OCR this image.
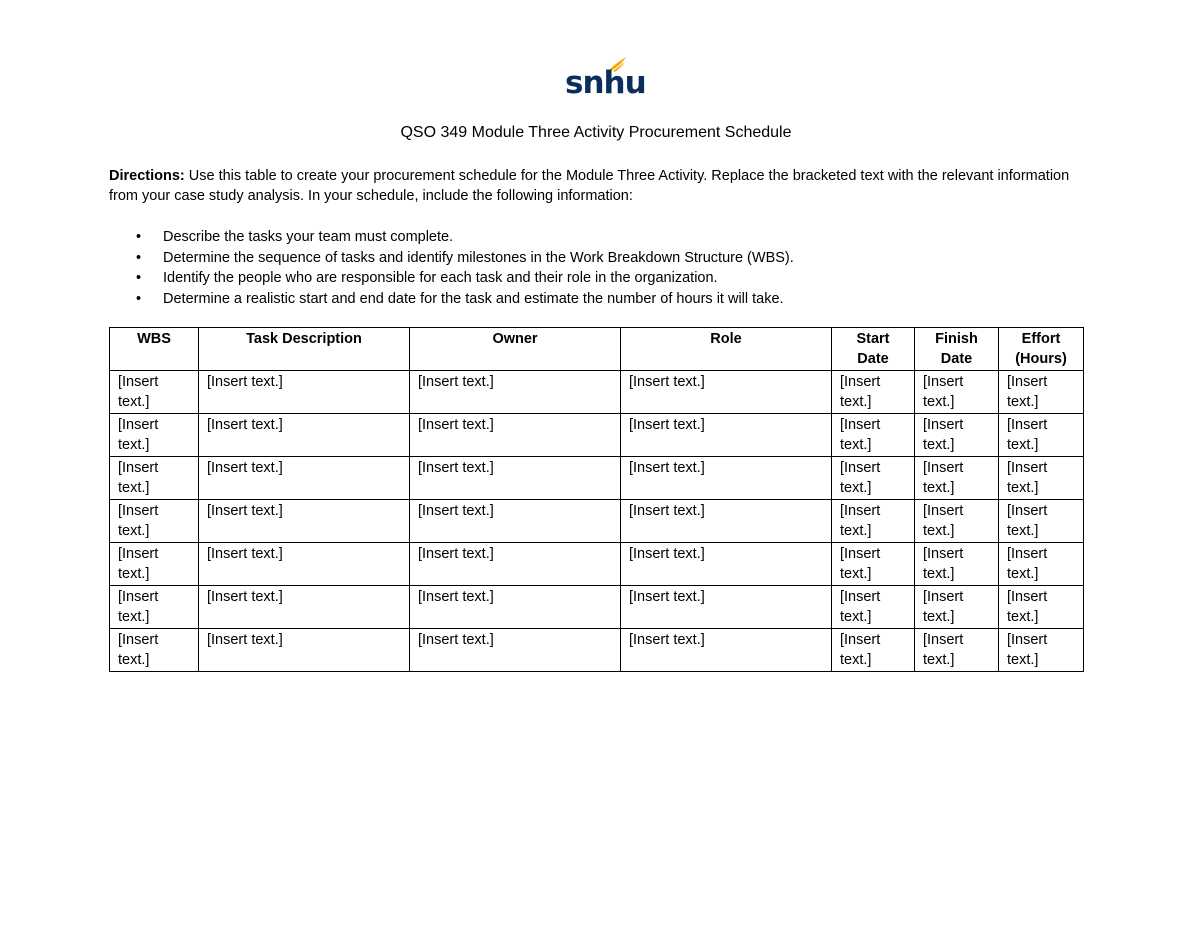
snhu
QSO 349 Module Three Activity Procurement Schedule
Directions: Use this table to create your procurement schedule for the Module Three Activity. Replace the bracketed text with the relevant information from your case study analysis. In your schedule, include the following information:
• Describe the tasks your team must complete.
• Determine the sequence of tasks and identify milestones in the Work Breakdown Structure (WBS).
• Identify the people who are responsible for each task and their role in the organization.
• Determine a realistic start and end date for the task and estimate the number of hours it will take.
WBS	Task Description	Owner	Role	Start Date	Finish Date	Effort (Hours)
[Insert text.]	[Insert text.]	[Insert text.]	[Insert text.]	[Insert text.]	[Insert text.]	[Insert text.]
[Insert text.]	[Insert text.]	[Insert text.]	[Insert text.]	[Insert text.]	[Insert text.]	[Insert text.]
[Insert text.]	[Insert text.]	[Insert text.]	[Insert text.]	[Insert text.]	[Insert text.]	[Insert text.]
[Insert text.]	[Insert text.]	[Insert text.]	[Insert text.]	[Insert text.]	[Insert text.]	[Insert text.]
[Insert text.]	[Insert text.]	[Insert text.]	[Insert text.]	[Insert text.]	[Insert text.]	[Insert text.]
[Insert text.]	[Insert text.]	[Insert text.]	[Insert text.]	[Insert text.]	[Insert text.]	[Insert text.]
[Insert text.]	[Insert text.]	[Insert text.]	[Insert text.]	[Insert text.]	[Insert text.]	[Insert text.]
